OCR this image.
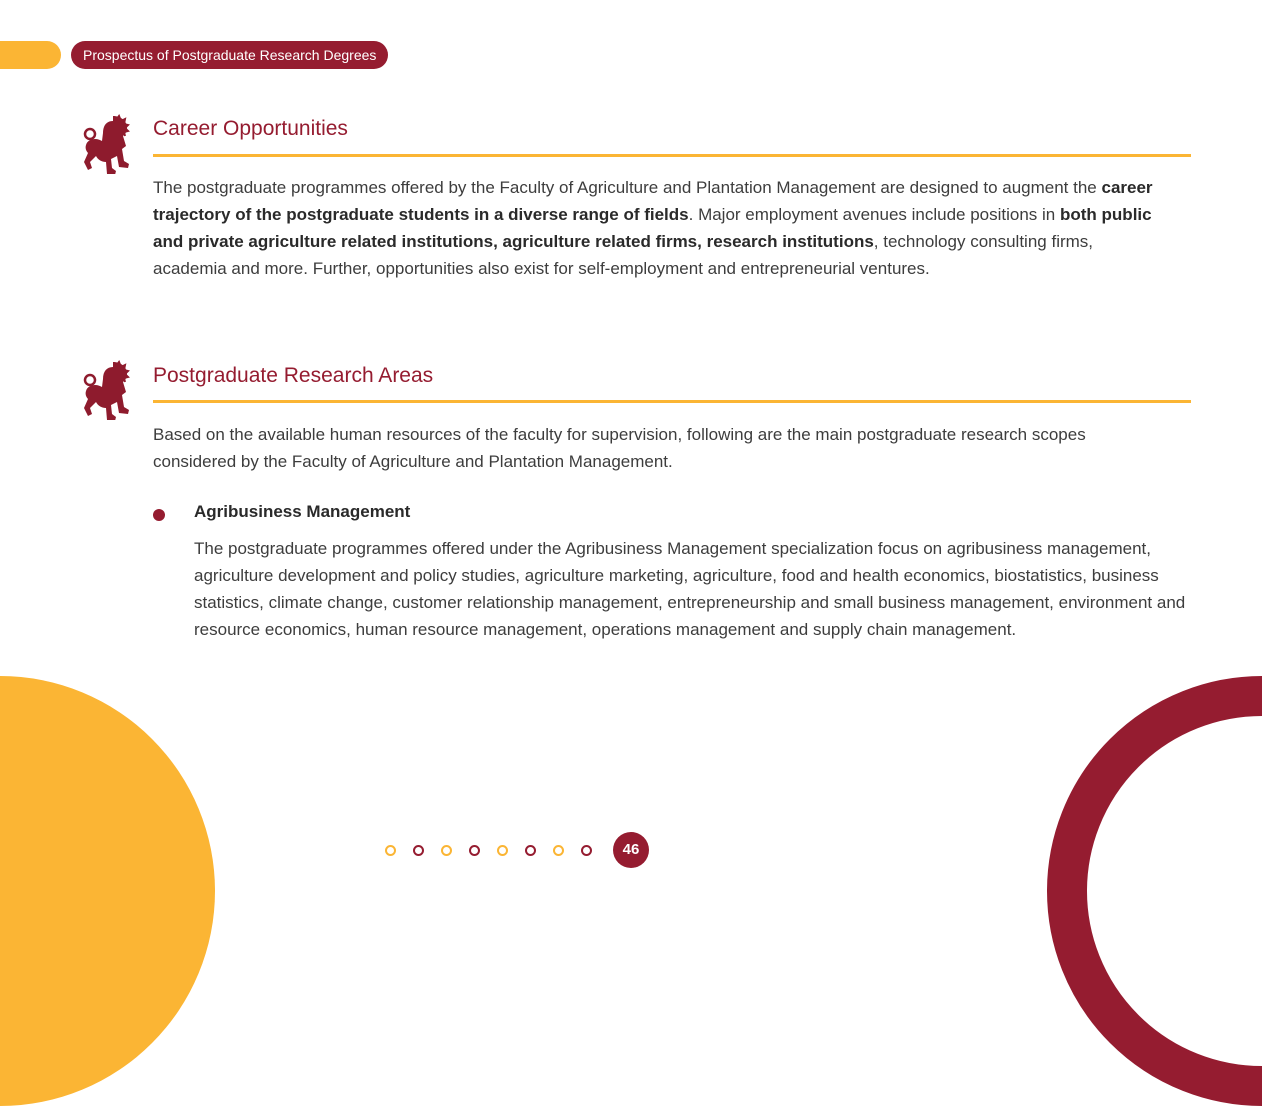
Prospectus of Postgraduate Research Degrees
Career Opportunities

The postgraduate programmes offered by the Faculty of Agriculture and Plantation Management are designed to augment the career trajectory of the postgraduate students in a diverse range of fields. Major employment avenues include positions in both public and private agriculture related institutions, agriculture related firms, research institutions, technology consulting firms, academia and more. Further, opportunities also exist for self-employment and entrepreneurial ventures.

Postgraduate Research Areas

Based on the available human resources of the faculty for supervision, following are the main postgraduate research scopes considered by the Faculty of Agriculture and Plantation Management.

Agribusiness Management

The postgraduate programmes offered under the Agribusiness Management specialization focus on agribusiness management, agriculture development and policy studies, agriculture marketing, agriculture, food and health economics, biostatistics, business statistics, climate change, customer relationship management, entrepreneurship and small business management, environment and resource economics, human resource management, operations management and supply chain management.

46
